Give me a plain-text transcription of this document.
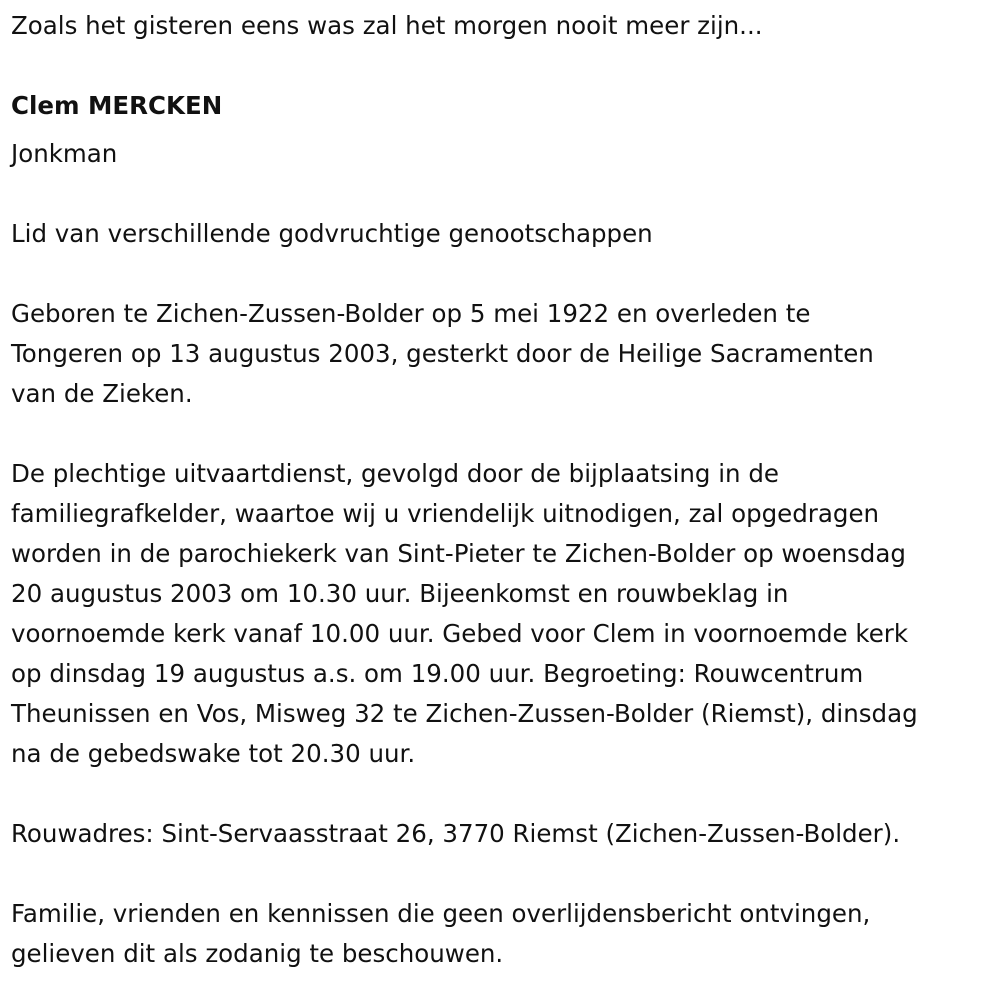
Zoals het gisteren eens was zal het morgen nooit meer zijn...
Clem MERCKEN
Jonkman
Lid van verschillende godvruchtige genootschappen
Geboren te Zichen-Zussen-Bolder op 5 mei 1922 en overleden te
Tongeren op 13 augustus 2003, gesterkt door de Heilige Sacramenten
van de Zieken.
De plechtige uitvaartdienst, gevolgd door de bijplaatsing in de
familiegrafkelder, waartoe wij u vriendelijk uitnodigen, zal opgedragen
worden in de parochiekerk van Sint-Pieter te Zichen-Bolder op woensdag
20 augustus 2003 om 10.30 uur. Bijeenkomst en rouwbeklag in
voornoemde kerk vanaf 10.00 uur. Gebed voor Clem in voornoemde kerk
op dinsdag 19 augustus a.s. om 19.00 uur. Begroeting: Rouwcentrum
Theunissen en Vos, Misweg 32 te Zichen-Zussen-Bolder (Riemst), dinsdag
na de gebedswake tot 20.30 uur.
Rouwadres: Sint-Servaasstraat 26, 3770 Riemst (Zichen-Zussen-Bolder).
Familie, vrienden en kennissen die geen overlijdensbericht ontvingen,
gelieven dit als zodanig te beschouwen.
